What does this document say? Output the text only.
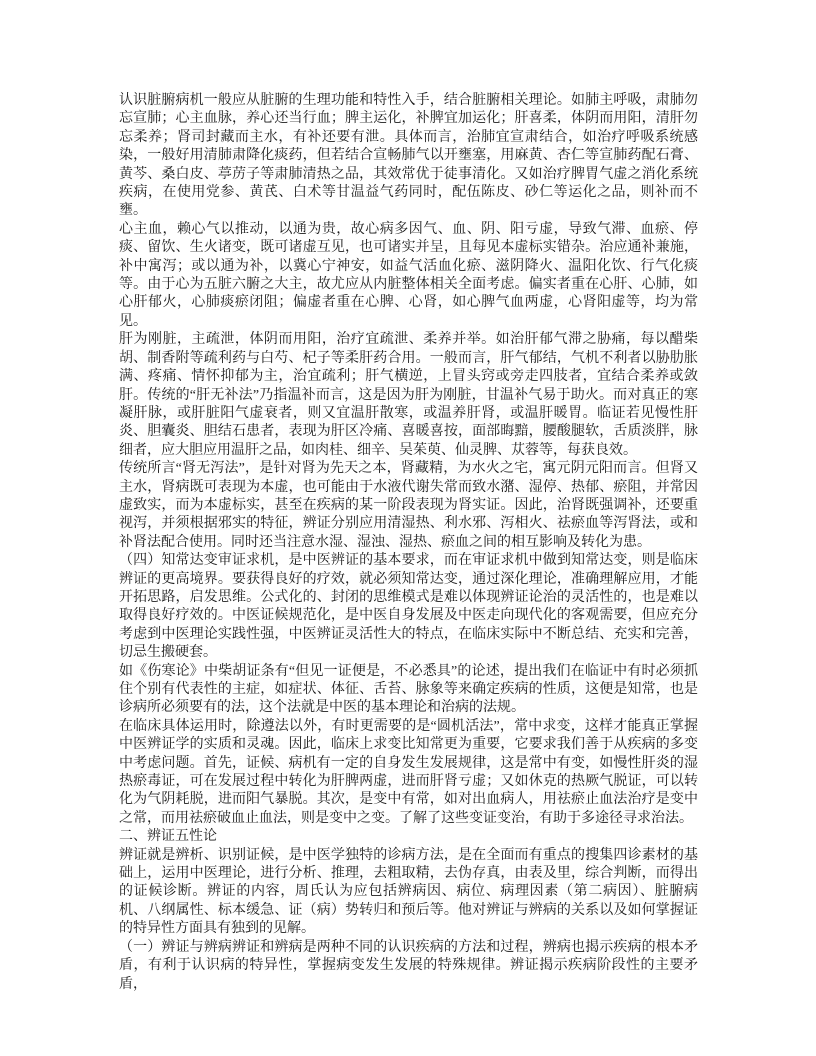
认识脏腑病机一般应从脏腑的生理功能和特性入手，结合脏腑相关理论。如肺主呼吸，肃肺勿忘宣肺；心主血脉，养心还当行血；脾主运化，补脾宜加运化；肝喜柔，体阴而用阳，清肝勿忘柔养；肾司封藏而主水，有补还要有泄。具体而言，治肺宜宣肃结合，如治疗呼吸系统感染，一般好用清肺肃降化痰药，但若结合宣畅肺气以开壅塞，用麻黄、杏仁等宣肺药配石膏、黄芩、桑白皮、葶苈子等肃肺清热之品，其效常优于徒事清化。又如治疗脾胃气虚之消化系统疾病，在使用党参、黄芪、白术等甘温益气药同时，配伍陈皮、砂仁等运化之品，则补而不壅。

心主血，赖心气以推动，以通为贵，故心病多因气、血、阴、阳亏虚，导致气滞、血瘀、停痰、留饮、生火诸变，既可诸虚互见，也可诸实并呈，且每见本虚标实错杂。治应通补兼施，补中寓泻；或以通为补，以冀心宁神安，如益气活血化瘀、滋阴降火、温阳化饮、行气化痰等。由于心为五脏六腑之大主，故尤应从内脏整体相关全面考虑。偏实者重在心肝、心肺，如心肝郁火，心肺痰瘀闭阻；偏虚者重在心脾、心肾，如心脾气血两虚，心肾阳虚等，均为常见。

肝为刚脏，主疏泄，体阴而用阳，治疗宜疏泄、柔养并举。如治肝郁气滞之胁痛，每以醋柴胡、制香附等疏利药与白芍、杞子等柔肝药合用。一般而言，肝气郁结，气机不利者以胁肋胀满、疼痛、情怀抑郁为主，治宜疏利；肝气横逆，上冒头窍或旁走四肢者，宜结合柔养或敛肝。传统的“肝无补法”乃指温补而言，这是因为肝为刚脏，甘温补气易于助火。而对真正的寒凝肝脉，或肝脏阳气虚衰者，则又宜温肝散寒，或温养肝肾，或温肝暖胃。临证若见慢性肝炎、胆囊炎、胆结石患者，表现为肝区冷痛、喜暖喜按，面部晦黯，腰酸腿软，舌质淡胖，脉细者，应大胆应用温肝之品，如肉桂、细辛、吴茱萸、仙灵脾、苁蓉等，每获良效。

传统所言“肾无泻法”，是针对肾为先天之本，肾藏精，为水火之宅，寓元阴元阳而言。但肾又主水，肾病既可表现为本虚，也可能由于水液代谢失常而致水潴、湿停、热郁、瘀阻，并常因虚致实，而为本虚标实，甚至在疾病的某一阶段表现为肾实证。因此，治肾既强调补，还要重视泻，并须根据邪实的特征，辨证分别应用清湿热、利水邪、泻相火、祛瘀血等泻肾法，或和补肾法配合使用。同时还当注意水湿、湿浊、湿热、瘀血之间的相互影响及转化为患。

（四）知常达变审证求机，是中医辨证的基本要求，而在审证求机中做到知常达变，则是临床辨证的更高境界。要获得良好的疗效，就必须知常达变，通过深化理论，准确理解应用，才能开拓思路，启发思维。公式化的、封闭的思维模式是难以体现辨证论治的灵活性的，也是难以取得良好疗效的。中医证候规范化，是中医自身发展及中医走向现代化的客观需要，但应充分考虑到中医理论实践性强，中医辨证灵活性大的特点，在临床实际中不断总结、充实和完善，切忌生搬硬套。

如《伤寒论》中柴胡证条有“但见一证便是，不必悉具”的论述，提出我们在临证中有时必须抓住个别有代表性的主症，如症状、体征、舌苔、脉象等来确定疾病的性质，这便是知常，也是诊病所必须要有的法，这个法就是中医的基本理论和治病的法规。

在临床具体运用时，除遵法以外，有时更需要的是“圆机活法”，常中求变，这样才能真正掌握中医辨证学的实质和灵魂。因此，临床上求变比知常更为重要，它要求我们善于从疾病的多变中考虑问题。首先，证候、病机有一定的自身发生发展规律，这是常中有变，如慢性肝炎的湿热瘀毒证，可在发展过程中转化为肝脾两虚，进而肝肾亏虚；又如休克的热厥气脱证，可以转化为气阴耗脱，进而阳气暴脱。其次，是变中有常，如对出血病人，用祛瘀止血法治疗是变中之常，而用祛瘀破血止血法，则是变中之变。了解了这些变证变治，有助于多途径寻求治法。

二、辨证五性论

辨证就是辨析、识别证候，是中医学独特的诊病方法，是在全面而有重点的搜集四诊素材的基础上，运用中医理论，进行分析、推理，去粗取精，去伪存真，由表及里，综合判断，而得出的证候诊断。辨证的内容，周氏认为应包括辨病因、病位、病理因素（第二病因）、脏腑病机、八纲属性、标本缓急、证（病）势转归和预后等。他对辨证与辨病的关系以及如何掌握证的特异性方面具有独到的见解。

（一）辨证与辨病辨证和辨病是两种不同的认识疾病的方法和过程，辨病也揭示疾病的根本矛盾，有利于认识病的特异性，掌握病变发生发展的特殊规律。辨证揭示疾病阶段性的主要矛盾，
